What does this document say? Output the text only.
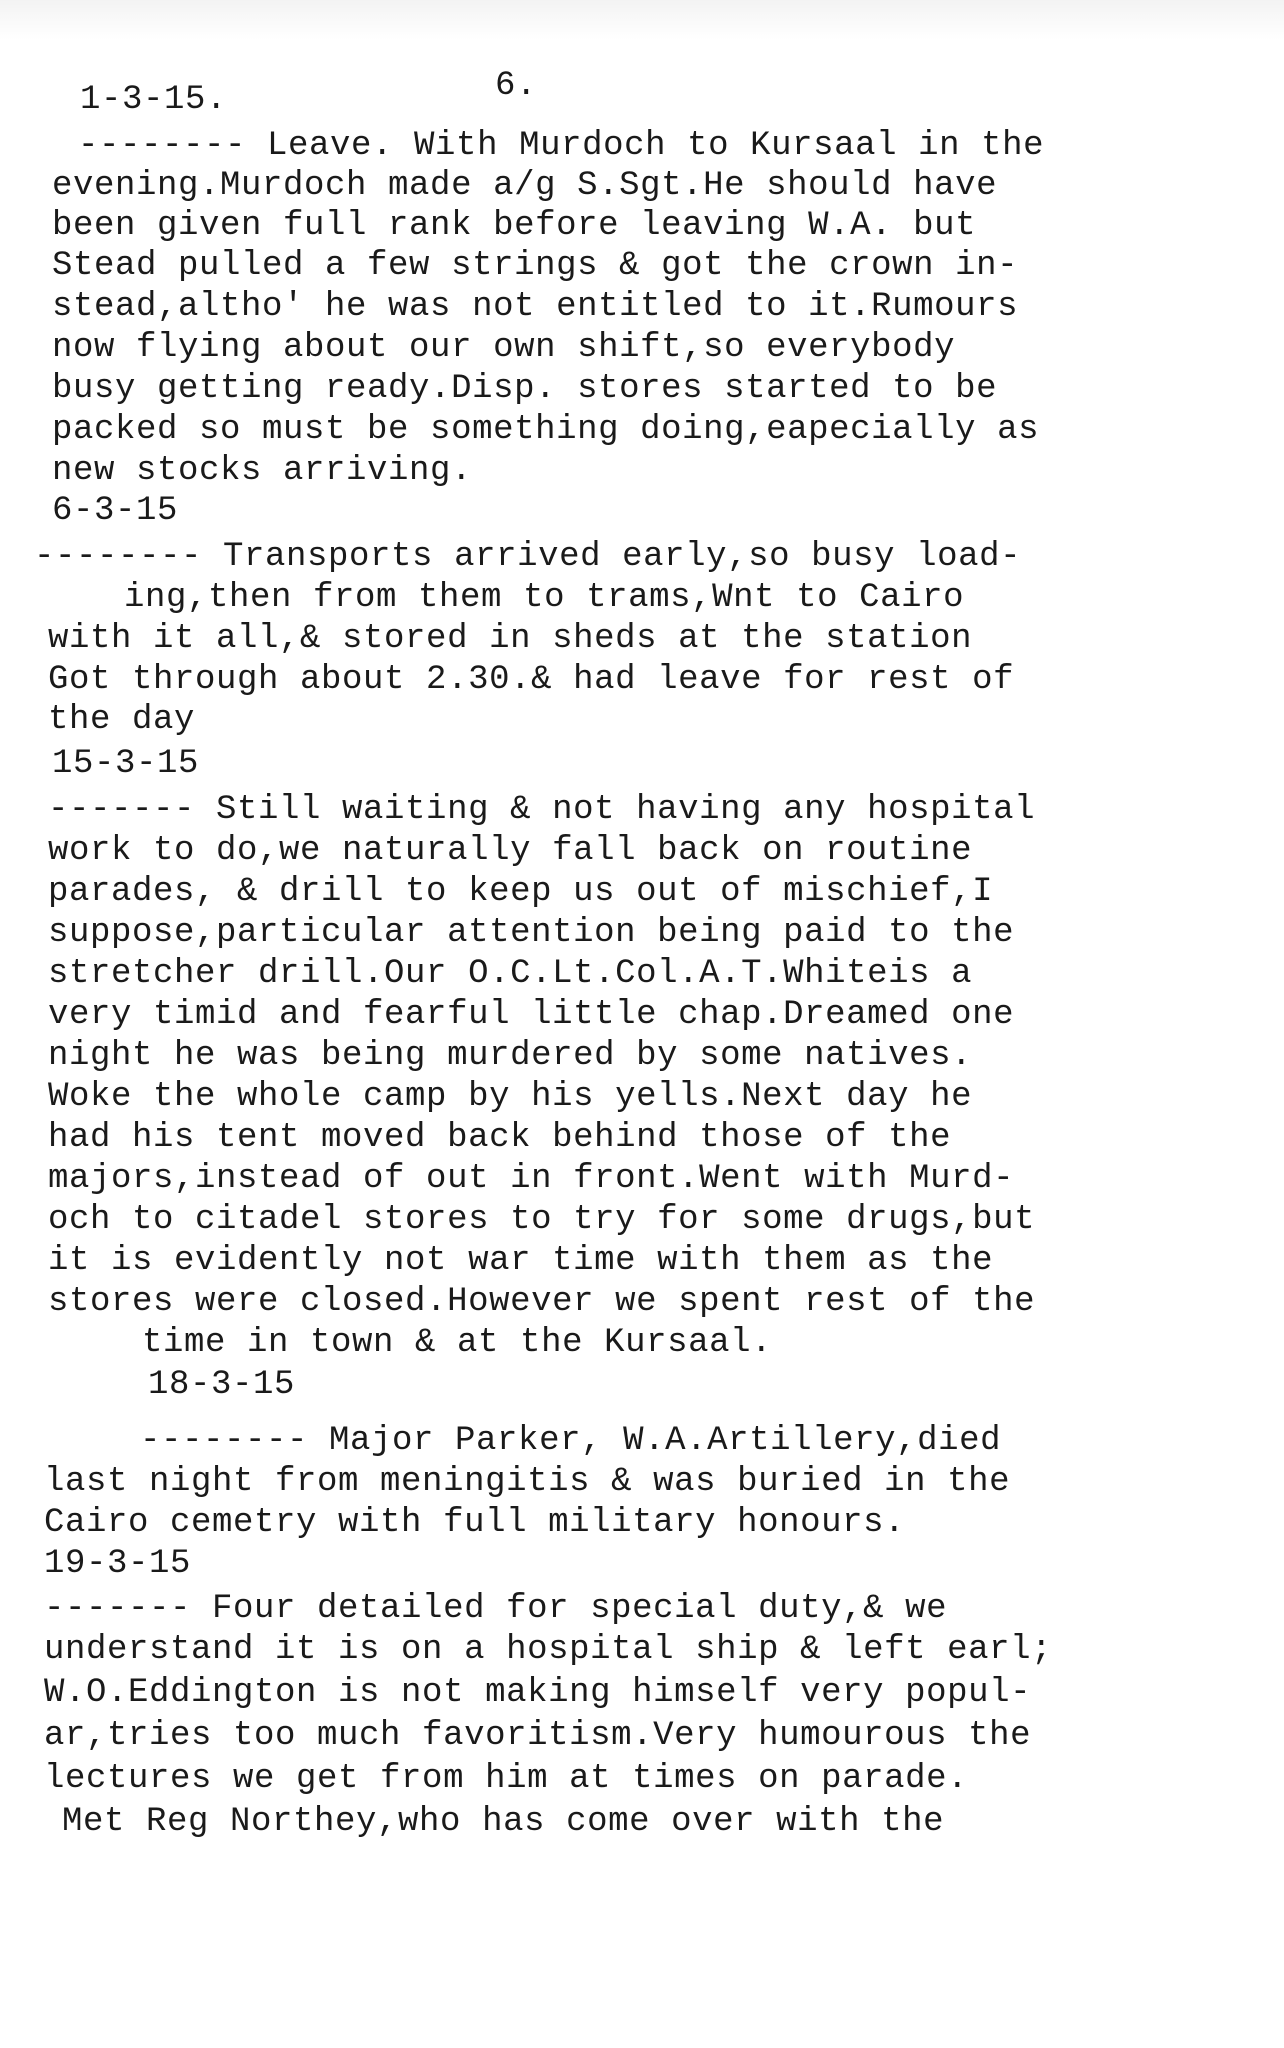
1-3-15.	6.
-------- Leave. With Murdoch to Kursaal in the
evening.Murdoch made a/g S.Sgt.He should have
been given full rank before leaving W.A. but
Stead pulled a few strings & got the crown in-
stead,altho' he was not entitled to it.Rumours
now flying about our own shift,so everybody
busy getting ready.Disp. stores started to be
packed so must be something doing,eapecially as
new stocks arriving.
6-3-15
-------- Transports arrived early,so busy load-
ing,then from them to trams,Wnt to Cairo
with it all,& stored in sheds at the station
Got through about 2.30.& had leave for rest of
the day
15-3-15
------- Still waiting & not having any hospital
work to do,we naturally fall back on routine
parades, & drill to keep us out of mischief,I
suppose,particular attention being paid to the
stretcher drill.Our O.C.Lt.Col.A.T.Whiteis a
very timid and fearful little chap.Dreamed one
night he was being murdered by some natives.
Woke the whole camp by his yells.Next day he
had his tent moved back behind those of the
majors,instead of out in front.Went with Murd-
och to citadel stores to try for some drugs,but
it is evidently not war time with them as the
stores were closed.However we spent rest of the
time in town & at the Kursaal.
18-3-15
-------- Major Parker, W.A.Artillery,died
last night from meningitis & was buried in the
Cairo cemetry with full military honours.
19-3-15
------- Four detailed for special duty,& we
understand it is on a hospital ship & left earl;
W.O.Eddington is not making himself very popul-
ar,tries too much favoritism.Very humourous the
lectures we get from him at times on parade.
Met Reg Northey,who has come over with the
